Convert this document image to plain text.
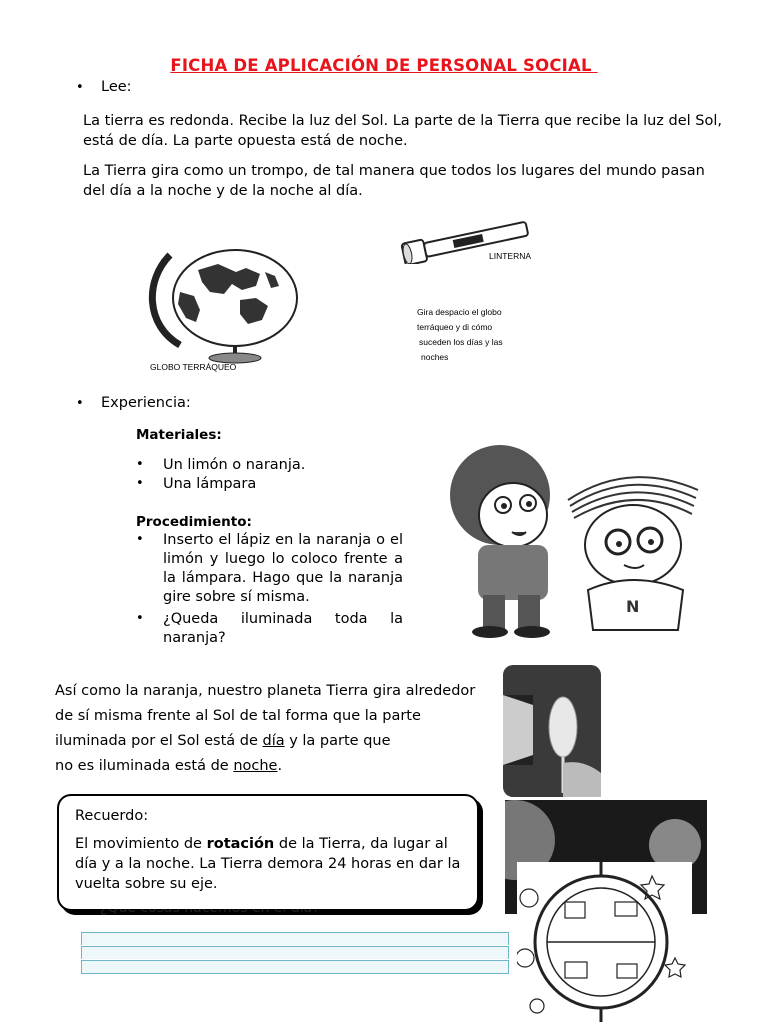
FICHA DE APLICACIÓN DE PERSONAL SOCIAL
• Lee:
La tierra es redonda. Recibe la luz del Sol. La parte de la Tierra que recibe la luz del Sol, está de día. La parte opuesta está de noche.
La Tierra gira como un trompo, de tal manera que todos los lugares del mundo pasan del día a la noche y de la noche al día.
GLOBO TERRÁQUEO
LINTERNA
Gira despacio el globo
terráqueo y di cómo
suceden los días y las
noches
• Experiencia:
Materiales:
• Un limón o naranja.
• Una lámpara
Procedimiento:
• Inserto el lápiz en la naranja o el limón y luego lo coloco frente a la lámpara. Hago que la naranja gire sobre sí misma.
• ¿Queda iluminada toda la naranja?
N
Así como la naranja, nuestro planeta Tierra gira alrededor
de sí misma frente al Sol de tal forma que la parte
iluminada por el Sol está de día y la parte que
no es iluminada está de noche.
Recuerdo:
El movimiento de rotación de la Tierra, da lugar al día y a la noche. La Tierra demora 24 horas en dar la vuelta sobre su eje.
